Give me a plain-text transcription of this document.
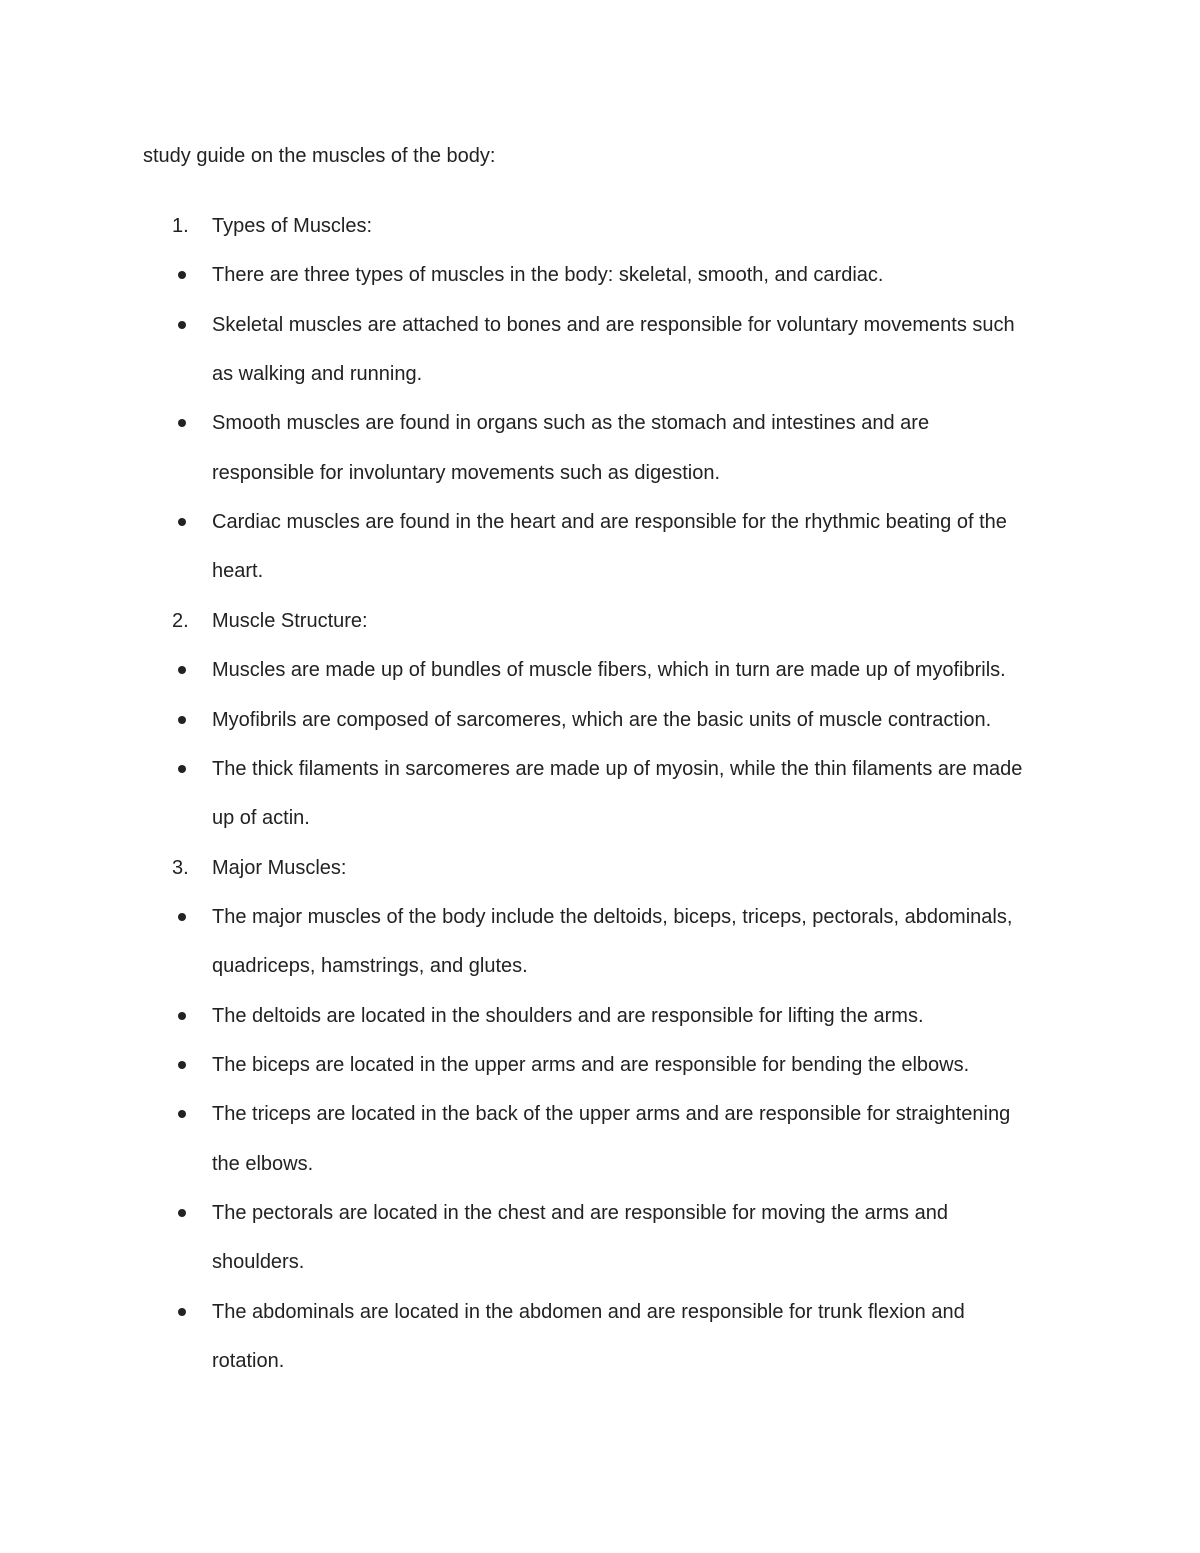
study guide on the muscles of the body:
1. Types of Muscles:
There are three types of muscles in the body: skeletal, smooth, and cardiac.
Skeletal muscles are attached to bones and are responsible for voluntary movements such
as walking and running.
Smooth muscles are found in organs such as the stomach and intestines and are
responsible for involuntary movements such as digestion.
Cardiac muscles are found in the heart and are responsible for the rhythmic beating of the
heart.
2. Muscle Structure:
Muscles are made up of bundles of muscle fibers, which in turn are made up of myofibrils.
Myofibrils are composed of sarcomeres, which are the basic units of muscle contraction.
The thick filaments in sarcomeres are made up of myosin, while the thin filaments are made
up of actin.
3. Major Muscles:
The major muscles of the body include the deltoids, biceps, triceps, pectorals, abdominals,
quadriceps, hamstrings, and glutes.
The deltoids are located in the shoulders and are responsible for lifting the arms.
The biceps are located in the upper arms and are responsible for bending the elbows.
The triceps are located in the back of the upper arms and are responsible for straightening
the elbows.
The pectorals are located in the chest and are responsible for moving the arms and
shoulders.
The abdominals are located in the abdomen and are responsible for trunk flexion and
rotation.
